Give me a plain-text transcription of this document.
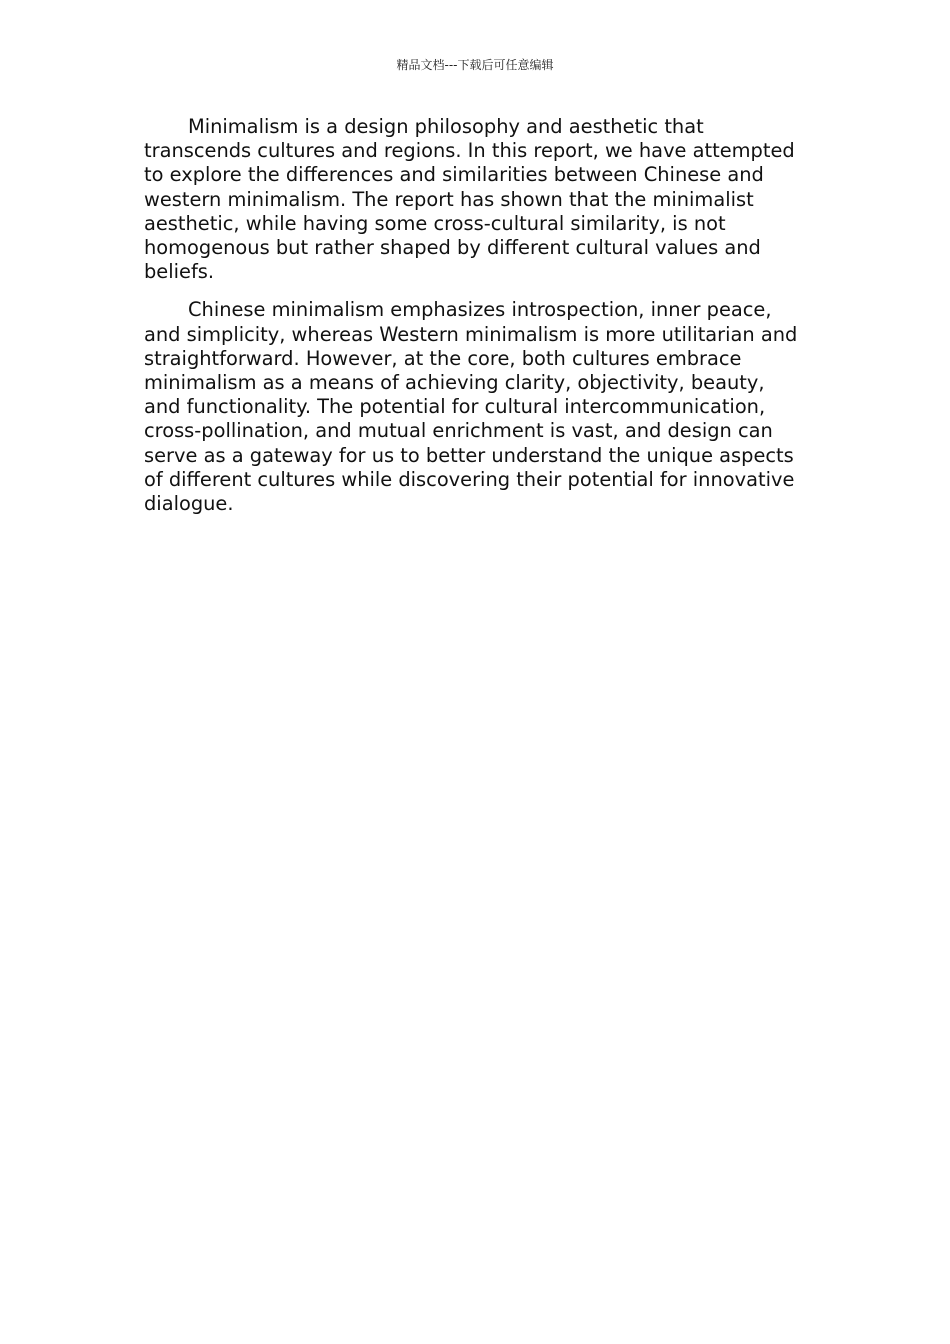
精品文档---下载后可任意编辑

Minimalism is a design philosophy and aesthetic that transcends cultures and regions. In this report, we have attempted to explore the differences and similarities between Chinese and western minimalism. The report has shown that the minimalist aesthetic, while having some cross-cultural similarity, is not homogenous but rather shaped by different cultural values and beliefs.

Chinese minimalism emphasizes introspection, inner peace, and simplicity, whereas Western minimalism is more utilitarian and straightforward. However, at the core, both cultures embrace minimalism as a means of achieving clarity, objectivity, beauty, and functionality. The potential for cultural intercommunication, cross-pollination, and mutual enrichment is vast, and design can serve as a gateway for us to better understand the unique aspects of different cultures while discovering their potential for innovative dialogue.
